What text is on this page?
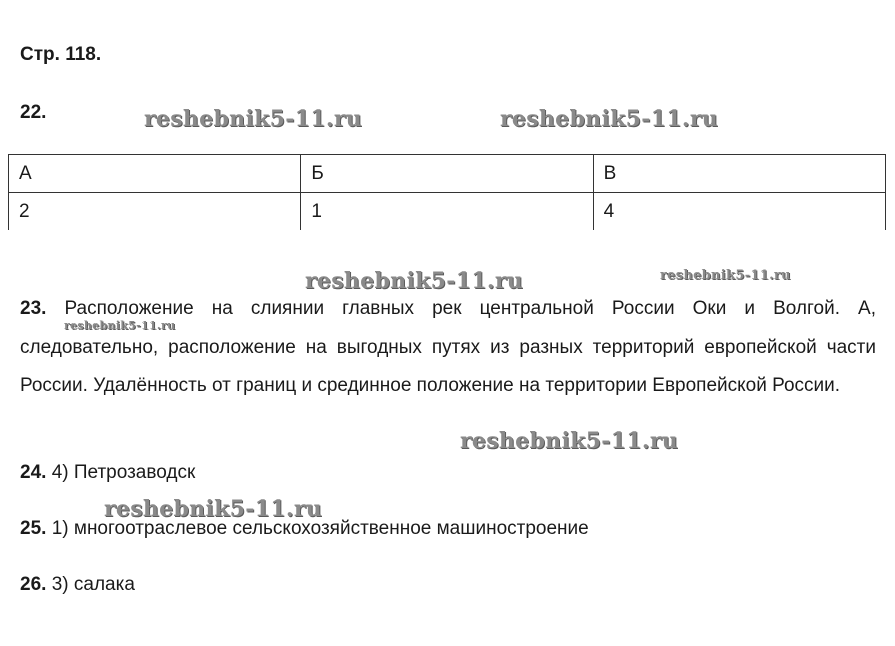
Стр. 118.
22.
А	Б	В
2	1	4
23. Расположение на слиянии главных рек центральной России Оки и Волгой. А, следовательно, расположение на выгодных путях из разных территорий европейской части России. Удалённость от границ и срединное положение на территории Европейской России.
24. 4) Петрозаводск
25. 1) многоотраслевое сельскохозяйственное машиностроение
26. 3) салака
reshebnik5-11.ru	reshebnik5-11.ru
reshebnik5-11.ru	reshebnik5-11.ru
reshebnik5-11.ru
reshebnik5-11.ru
reshebnik5-11.ru
